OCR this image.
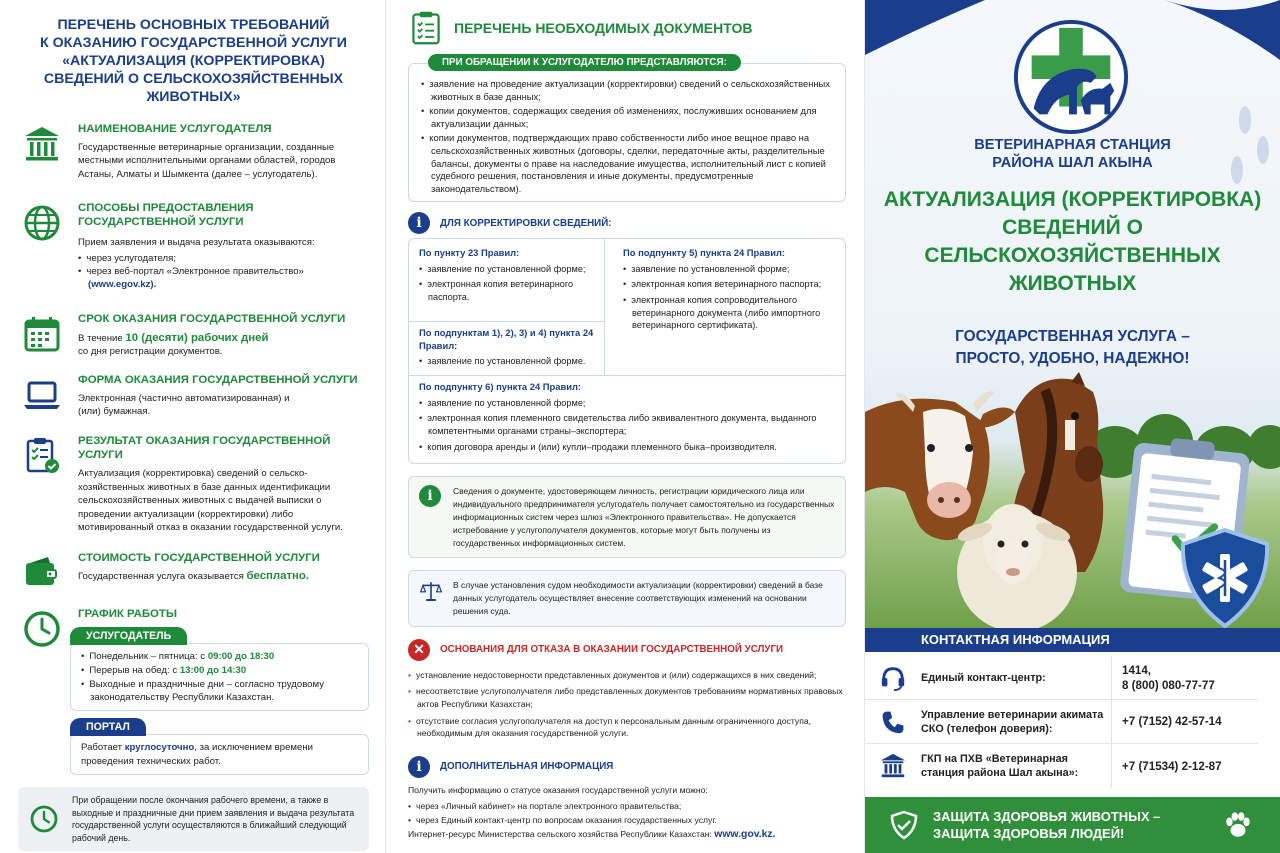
ПЕРЕЧЕНЬ ОСНОВНЫХ ТРЕБОВАНИЙ
К ОКАЗАНИЮ ГОСУДАРСТВЕННОЙ УСЛУГИ
«АКТУАЛИЗАЦИЯ (КОРРЕКТИРОВКА)
СВЕДЕНИЙ О СЕЛЬСКОХОЗЯЙСТВЕННЫХ
ЖИВОТНЫХ»
НАИМЕНОВАНИЕ УСЛУГОДАТЕЛЯ

Государственные ветеринарные организации, созданные местными исполнительными органами областей, городов Астаны, Алматы и Шымкента (далее – услугодатель).

СПОСОБЫ ПРЕДОСТАВЛЕНИЯ ГОСУДАРСТВЕННОЙ УСЛУГИ

Прием заявления и выдача результата оказываются:

• через услугодателя;
• через веб-портал «Электронное правительство»

(www.egov.kz).

СРОК ОКАЗАНИЯ ГОСУДАРСТВЕННОЙ УСЛУГИ

В течение 10 (десяти) рабочих дней
со дня регистрации документов.

ФОРМА ОКАЗАНИЯ ГОСУДАРСТВЕННОЙ УСЛУГИ

Электронная (частично автоматизированная) и (или) бумажная.

РЕЗУЛЬТАТ ОКАЗАНИЯ ГОСУДАРСТВЕННОЙ УСЛУГИ

Актуализация (корректировка) сведений о сельско-хозяйственных животных в базе данных идентификации сельскохозяйственных животных с выдачей выписки о проведении актуализации (корректировки) либо мотивированный отказ в оказании государственной услуги.

СТОИМОСТЬ ГОСУДАРСТВЕННОЙ УСЛУГИ

Государственная услуга оказывается бесплатно.

ГРАФИК РАБОТЫ
УСЛУГОДАТЕЛЬ
• Понедельник – пятница: с 09:00 до 18:30
• Перерыв на обед: с 13:00 до 14:30
• Выходные и праздничные дни – согласно трудовому законодательству Республики Казахстан.
ПОРТАЛ

Работает круглосуточно, за исключением времени проведения технических работ.

При обращении после окончания рабочего времени, а также в выходные и праздничные дни прием заявления и выдача результата государственной услуги осуществляются в ближайший следующий рабочий день.

ПЕРЕЧЕНЬ НЕОБХОДИМЫХ ДОКУМЕНТОВ
ПРИ ОБРАЩЕНИИ К УСЛУГОДАТЕЛЮ ПРЕДСТАВЛЯЮТСЯ:
• заявление на проведение актуализации (корректировки) сведений о сельскохозяйственных животных в базе данных;
• копии документов, содержащих сведения об изменениях, послуживших основанием для актуализации данных;
• копии документов, подтверждающих право собственности либо иное вещное право на сельскохозяйственных животных (договоры, сделки, передаточные акты, разделительные балансы, документы о праве на наследование имущества, исполнительный лист с копией судебного решения, постановления и иные документы, предусмотренные законодательством).
i	ДЛЯ КОРРЕКТИРОВКИ СВЕДЕНИЙ:
По пункту 23 Правил:
• заявление по установленной форме;
• электронная копия ветеринарного паспорта.
По подпунктам 1), 2), 3) и 4) пункта 24 Правил:
• заявление по установленной форме.
По подпункту 5) пункта 24 Правил:
• заявление по установленной форме;
• электронная копия ветеринарного паспорта;
• электронная копия сопроводительного ветеринарного документа (либо импортного ветеринарного сертификата).
По подпункту 6) пункта 24 Правил:
• заявление по установленной форме;
• электронная копия племенного свидетельства либо эквивалентного документа, выданного компетентными органами страны–экспортера;
• копия договора аренды и (или) купли–продажи племенного быка–производителя.
i	Сведения о документе, удостоверяющем личность, регистрации юридического лица или индивидуального предпринимателя услугодатель получает самостоятельно из государственных информационных систем через шлюз «Электронного правительства». Не допускается истребование у услугополучателя документов, которые могут быть получены из государственных информационных систем.

В случае установления судом необходимости актуализации (корректировки) сведений в базе данных услугодатель осуществляет внесение соответствующих изменений на основании решения суда.

✕	ОСНОВАНИЯ ДЛЯ ОТКАЗА В ОКАЗАНИИ ГОСУДАРСТВЕННОЙ УСЛУГИ
• установление недостоверности представленных документов и (или) содержащихся в них сведений;
• несоответствие услугополучателя либо представленных документов требованиям нормативных правовых актов Республики Казахстан;
• отсутствие согласия услугополучателя на доступ к персональным данным ограниченного доступа, необходимым для оказания государственной услуги.
i	ДОПОЛНИТЕЛЬНАЯ ИНФОРМАЦИЯ

Получить информацию о статусе оказания государственной услуги можно:

• через «Личный кабинет» на портале электронного правительства;
• через Единый контакт-центр по вопросам оказания государственных услуг.

Интернет-ресурс Министерства сельского хозяйства Республики Казахстан: www.gov.kz.

ВЕТЕРИНАРНАЯ СТАНЦИЯ
РАЙОНА ШАЛ АКЫНА
АКТУАЛИЗАЦИЯ (КОРРЕКТИРОВКА)
СВЕДЕНИЙ О
СЕЛЬСКОХОЗЯЙСТВЕННЫХ
ЖИВОТНЫХ
ГОСУДАРСТВЕННАЯ УСЛУГА –
ПРОСТО, УДОБНО, НАДЕЖНО!
КОНТАКТНАЯ ИНФОРМАЦИЯ
Единый контакт-центр:
1414,
8 (800) 080-77-77
Управление ветеринарии акимата СКО (телефон доверия):
+7 (7152) 42-57-14
ГКП на ПХВ «Ветеринарная станция района Шал акына»:
+7 (71534) 2-12-87
ЗАЩИТА ЗДОРОВЬЯ ЖИВОТНЫХ –
ЗАЩИТА ЗДОРОВЬЯ ЛЮДЕЙ!
